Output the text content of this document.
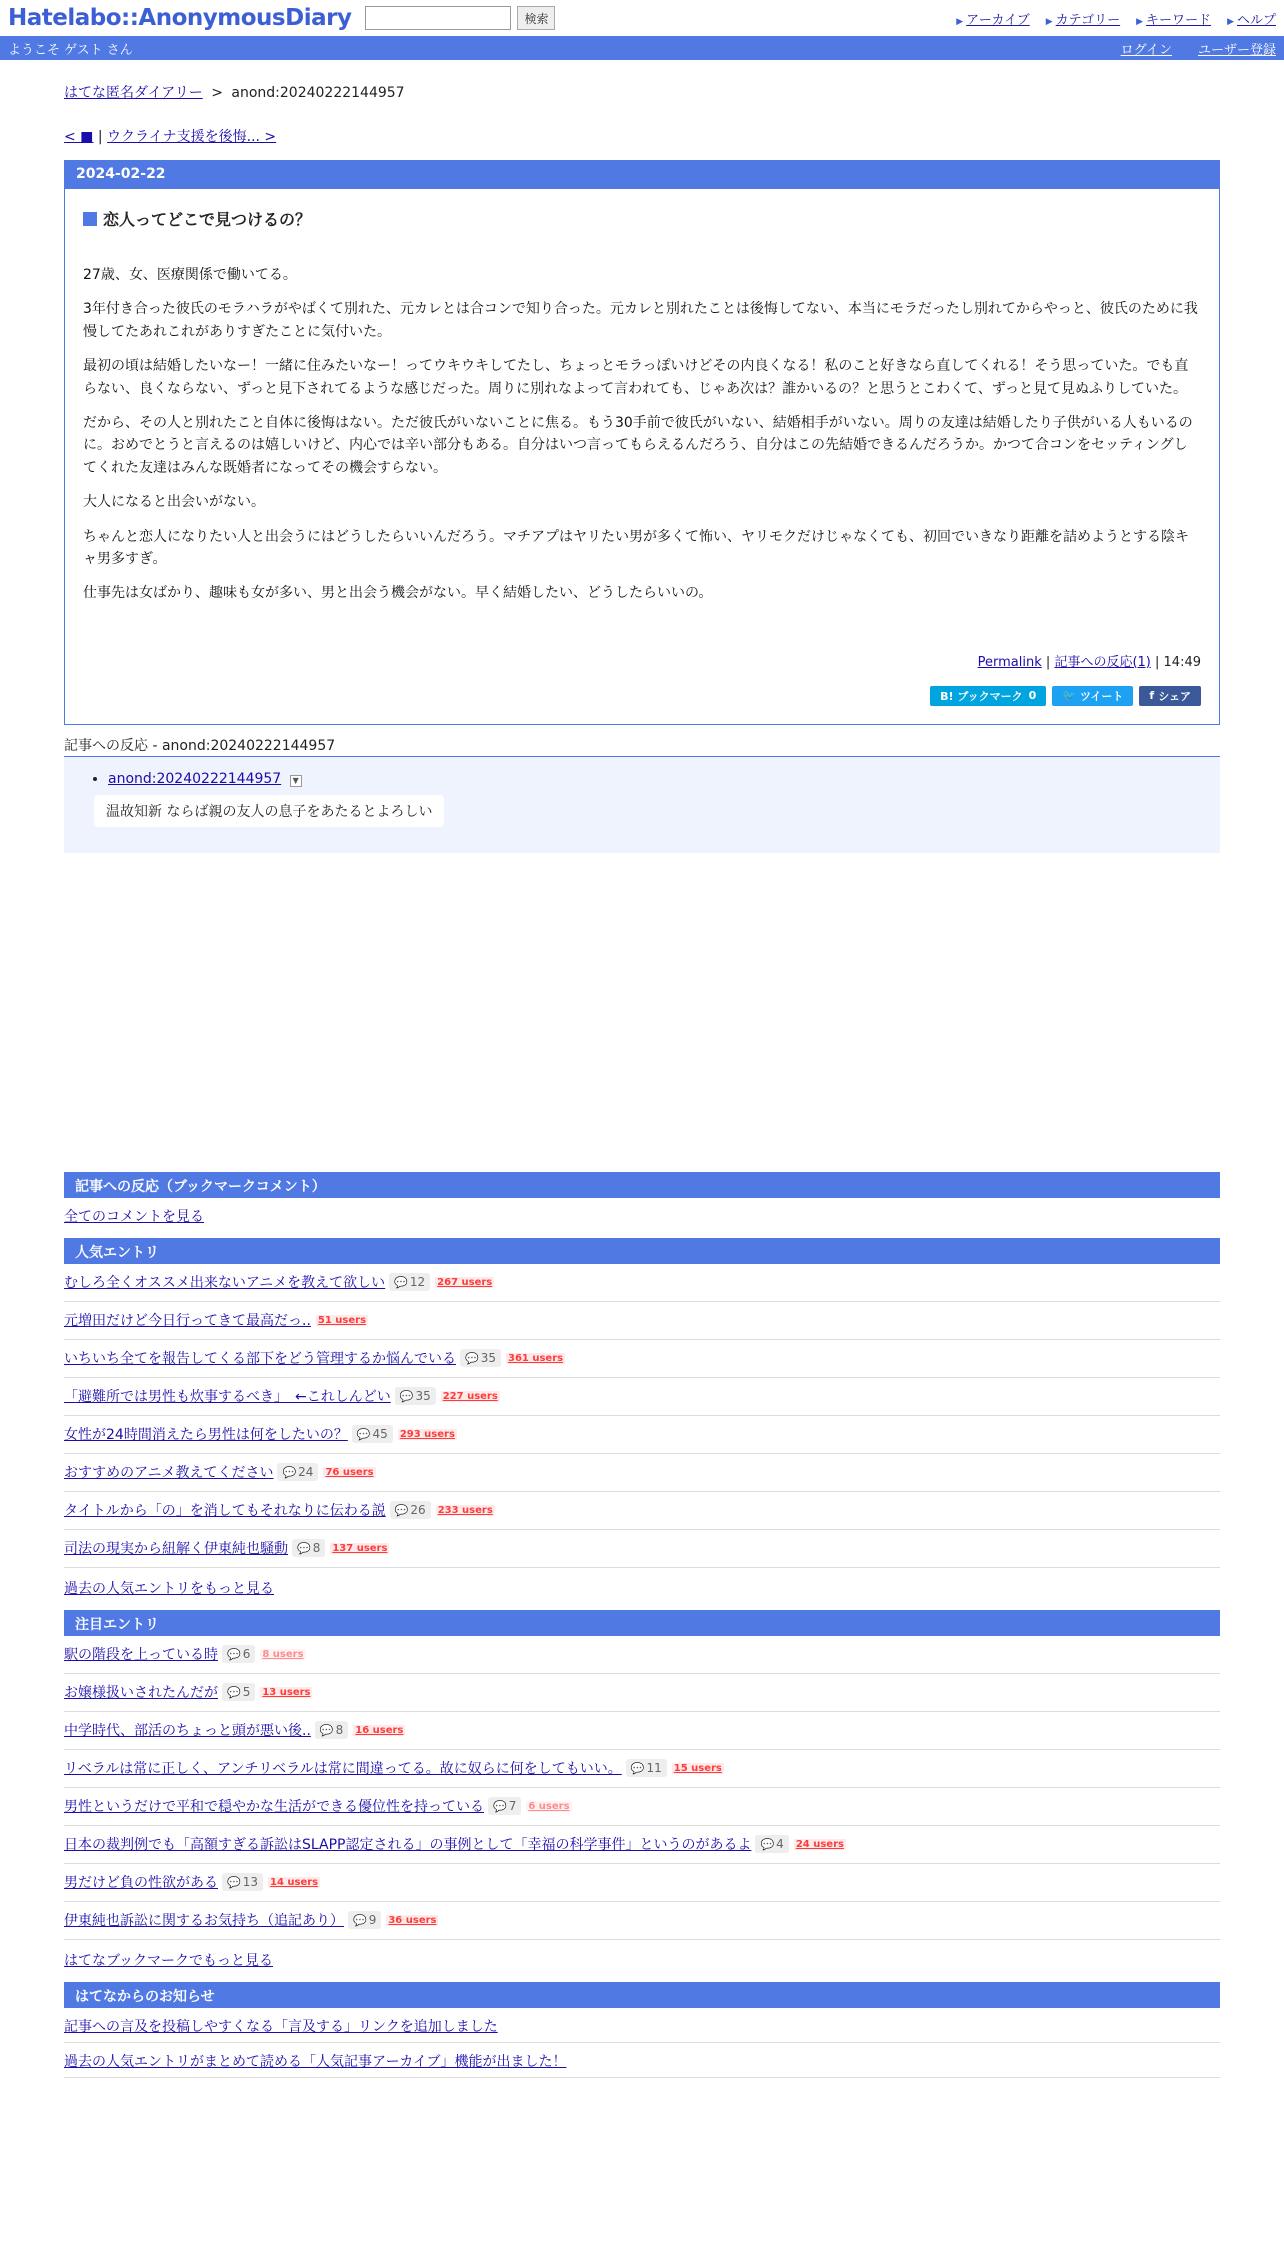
Hatelabo::AnonymousDiary	検索	▶ アーカイブ ▶ カテゴリー ▶ キーワード ▶ ヘルプ
ようこそ ゲスト さん	ログイン ユーザー登録
はてな匿名ダイアリー > anond:20240222144957
< ■ | ウクライナ支援を後悔... >
2024-02-22
恋人ってどこで見つけるの？

27歳、女、医療関係で働いてる。

3年付き合った彼氏のモラハラがやばくて別れた、元カレとは合コンで知り合った。元カレと別れたことは後悔してない、本当にモラだったし別れてからやっと、彼氏のために我慢してたあれこれがありすぎたことに気付いた。

最初の頃は結婚したいなー！一緒に住みたいなー！ってウキウキしてたし、ちょっとモラっぽいけどその内良くなる！私のこと好きなら直してくれる！そう思っていた。でも直らない、良くならない、ずっと見下されてるような感じだった。周りに別れなよって言われても、じゃあ次は？誰かいるの？と思うとこわくて、ずっと見て見ぬふりしていた。

だから、その人と別れたこと自体に後悔はない。ただ彼氏がいないことに焦る。もう30手前で彼氏がいない、結婚相手がいない。周りの友達は結婚したり子供がいる人もいるのに。おめでとうと言えるのは嬉しいけど、内心では辛い部分もある。自分はいつ言ってもらえるんだろう、自分はこの先結婚できるんだろうか。かつて合コンをセッティングしてくれた友達はみんな既婚者になってその機会すらない。

大人になると出会いがない。

ちゃんと恋人になりたい人と出会うにはどうしたらいいんだろう。マチアプはヤリたい男が多くて怖い、ヤリモクだけじゃなくても、初回でいきなり距離を詰めようとする陰キャ男多すぎ。

仕事先は女ばかり、趣味も女が多い、男と出会う機会がない。早く結婚したい、どうしたらいいの。

Permalink | 記事への反応(1) | 14:49
B! ブックマーク 0 🐦 ツイート f シェア
記事への反応 - anond:20240222144957
• anond:20240222144957 ▼
温故知新 ならば親の友人の息子をあたるとよろしい
記事への反応（ブックマークコメント）
全てのコメントを見る
人気エントリ
むしろ全くオススメ出来ないアニメを教えて欲しい 💬 12 267 users
元増田だけど今日行ってきて最高だっ.. 51 users
いちいち全てを報告してくる部下をどう管理するか悩んでいる 💬 35 361 users
「避難所では男性も炊事するべき」　←これしんどい 💬 35 227 users
女性が24時間消えたら男性は何をしたいの？ 💬 45 293 users
おすすめのアニメ教えてください 💬 24 76 users
タイトルから「の」を消してもそれなりに伝わる説 💬 26 233 users
司法の現実から紐解く伊東純也騒動 💬 8 137 users
過去の人気エントリをもっと見る
注目エントリ
駅の階段を上っている時 💬 6 8 users
お嬢様扱いされたんだが 💬 5 13 users
中学時代、部活のちょっと頭が悪い後.. 💬 8 16 users
リベラルは常に正しく、アンチリベラルは常に間違ってる。故に奴らに何をしてもいい。 💬 11 15 users
男性というだけで平和で穏やかな生活ができる優位性を持っている 💬 7 6 users
日本の裁判例でも「高額すぎる訴訟はSLAPP認定される」の事例として「幸福の科学事件」というのがあるよ 💬 4 24 users
男だけど負の性欲がある 💬 13 14 users
伊東純也訴訟に関するお気持ち（追記あり） 💬 9 36 users
はてなブックマークでもっと見る
はてなからのお知らせ
記事への言及を投稿しやすくなる「言及する」リンクを追加しました
過去の人気エントリがまとめて読める「人気記事アーカイブ」機能が出ました！
